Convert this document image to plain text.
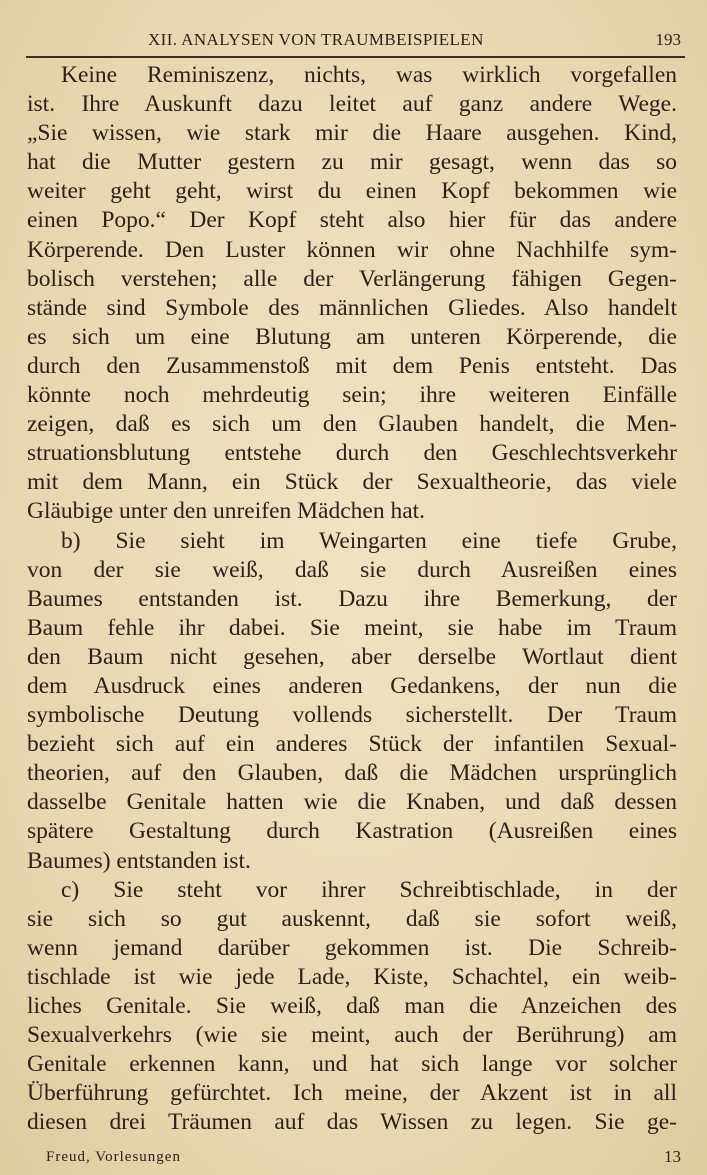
XII. ANALYSEN VON TRAUMBEISPIELEN	193
Keine Reminiszenz, nichts, was wirklich vorgefallen
ist. Ihre Auskunft dazu leitet auf ganz andere Wege.
„Sie wissen, wie stark mir die Haare ausgehen. Kind,
hat die Mutter gestern zu mir gesagt, wenn das so
weiter geht geht, wirst du einen Kopf bekommen wie
einen Popo.“ Der Kopf steht also hier für das andere
Körperende. Den Luster können wir ohne Nachhilfe sym-
bolisch verstehen; alle der Verlängerung fähigen Gegen-
stände sind Symbole des männlichen Gliedes. Also handelt
es sich um eine Blutung am unteren Körperende, die
durch den Zusammenstoß mit dem Penis entsteht. Das
könnte noch mehrdeutig sein; ihre weiteren Einfälle
zeigen, daß es sich um den Glauben handelt, die Men-
struationsblutung entstehe durch den Geschlechtsverkehr
mit dem Mann, ein Stück der Sexualtheorie, das viele
Gläubige unter den unreifen Mädchen hat.
b) Sie sieht im Weingarten eine tiefe Grube,
von der sie weiß, daß sie durch Ausreißen eines
Baumes entstanden ist. Dazu ihre Bemerkung, der
Baum fehle ihr dabei. Sie meint, sie habe im Traum
den Baum nicht gesehen, aber derselbe Wortlaut dient
dem Ausdruck eines anderen Gedankens, der nun die
symbolische Deutung vollends sicherstellt. Der Traum
bezieht sich auf ein anderes Stück der infantilen Sexual-
theorien, auf den Glauben, daß die Mädchen ursprünglich
dasselbe Genitale hatten wie die Knaben, und daß dessen
spätere Gestaltung durch Kastration (Ausreißen eines
Baumes) entstanden ist.
c) Sie steht vor ihrer Schreibtischlade, in der
sie sich so gut auskennt, daß sie sofort weiß,
wenn jemand darüber gekommen ist. Die Schreib-
tischlade ist wie jede Lade, Kiste, Schachtel, ein weib-
liches Genitale. Sie weiß, daß man die Anzeichen des
Sexualverkehrs (wie sie meint, auch der Berührung) am
Genitale erkennen kann, und hat sich lange vor solcher
Überführung gefürchtet. Ich meine, der Akzent ist in all
diesen drei Träumen auf das Wissen zu legen. Sie ge-
Freud, Vorlesungen	13
